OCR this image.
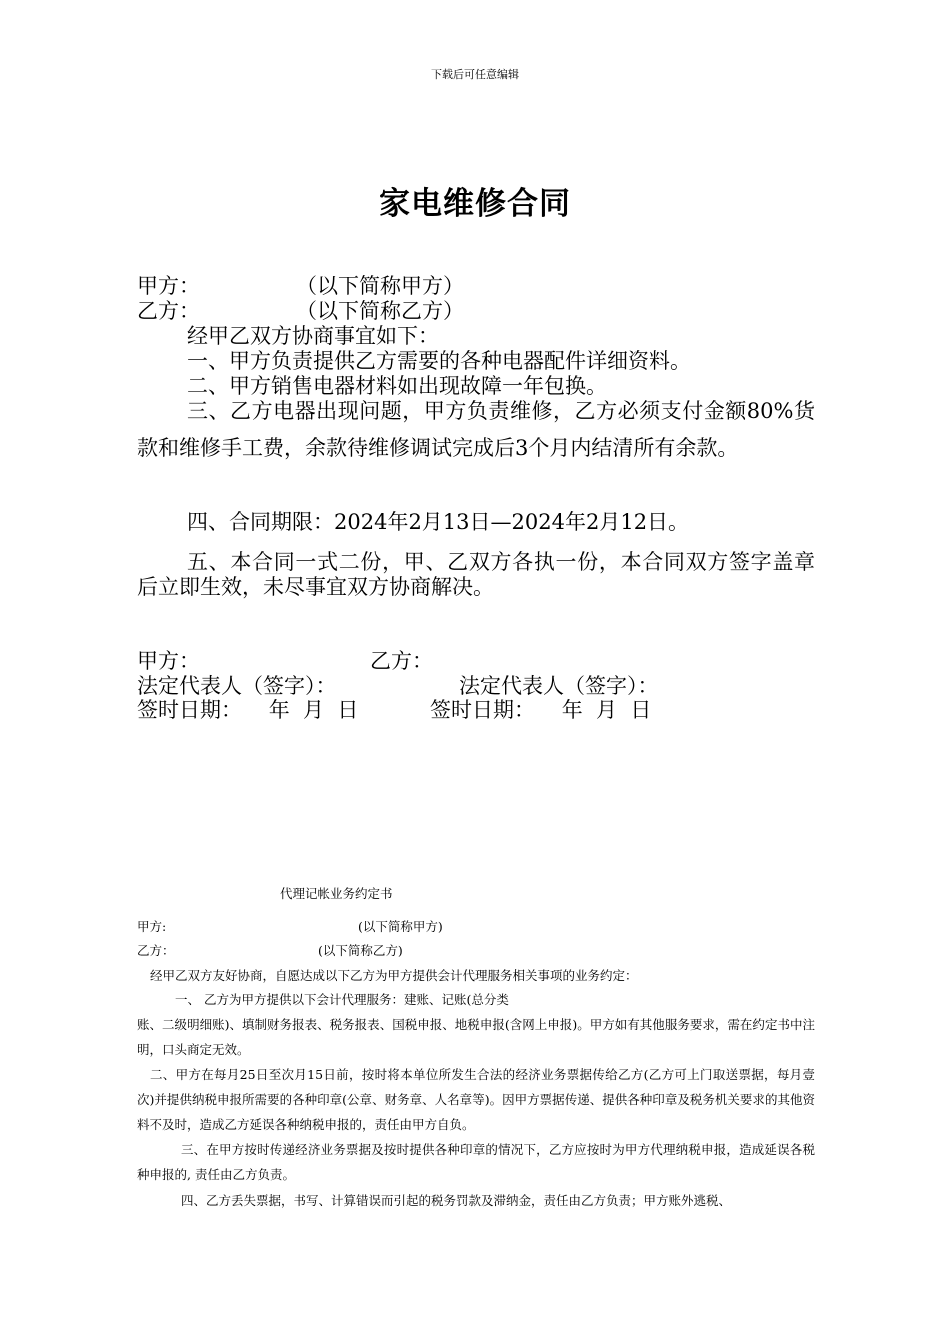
下载后可任意编辑
家电维修合同
甲方：	（以下简称甲方）
乙方：	（以下简称乙方）
经甲乙双方协商事宜如下：
一、甲方负责提供乙方需要的各种电器配件详细资料。
二、甲方销售电器材料如出现故障一年包换。
三、乙方电器出现问题，甲方负责维修，乙方必须支付金额80%货款和维修手工费，余款待维修调试完成后3个月内结清所有余款。
四、合同期限：2024年2月13日—2024年2月12日。
五、本合同一式二份，甲、乙双方各执一份，本合同双方签字盖章后立即生效，未尽事宜双方协商解决。
甲方：	乙方：
法定代表人（签字）：	法定代表人（签字）：
签时日期：    年  月  日	签时日期：    年  月  日
代理记帐业务约定书
甲方:	(以下简称甲方)
乙方：	(以下简称乙方)
经甲乙双方友好协商，自愿达成以下乙方为甲方提供会计代理服务相关事项的业务约定：
一、 乙方为甲方提供以下会计代理服务：建账、记账(总分类
账、二级明细账)、填制财务报表、税务报表、国税申报、地税申报(含网上申报)。甲方如有其他服务要求，需在约定书中注明，口头商定无效。
二、甲方在每月25日至次月15日前，按时将本单位所发生合法的经济业务票据传给乙方(乙方可上门取送票据，每月壹次)并提供纳税申报所需要的各种印章(公章、财务章、人名章等)。因甲方票据传递、提供各种印章及税务机关要求的其他资料不及时，造成乙方延误各种纳税申报的，责任由甲方自负。
三、在甲方按时传递经济业务票据及按时提供各种印章的情况下，乙方应按时为甲方代理纳税申报，造成延误各税种申报的, 责任由乙方负责。
四、乙方丢失票据，书写、计算错误而引起的税务罚款及滞纳金，责任由乙方负责；甲方账外逃税、
